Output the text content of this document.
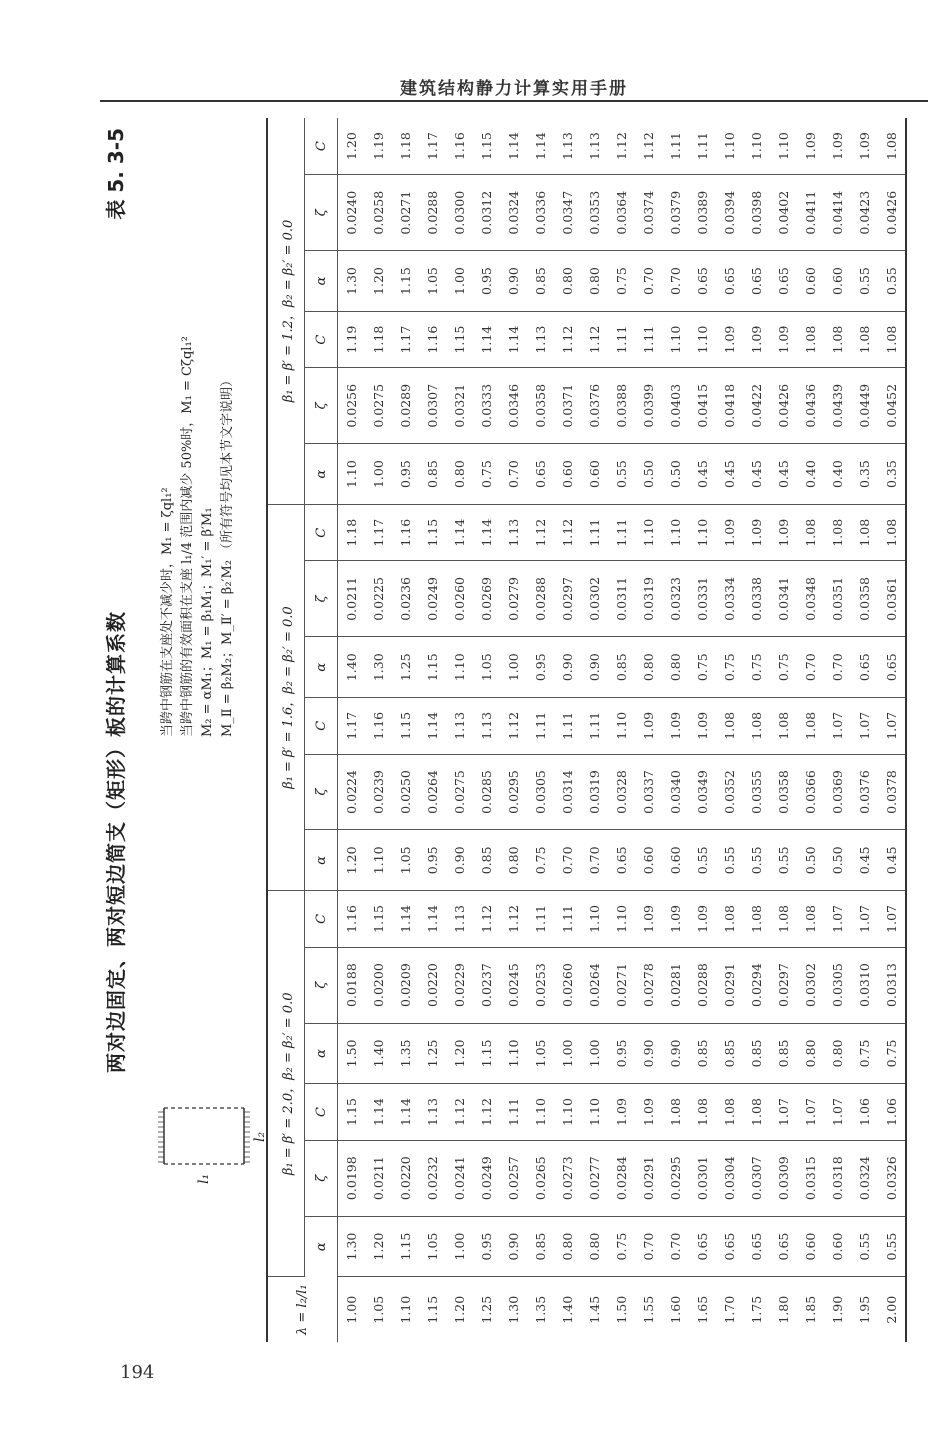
建筑结构静力计算实用手册
194
两对边固定、两对短边简支（矩形）板的计算系数
表 5. 3-5
l₁
l₂
当跨中钢筋在支座处不减少时，M₁ = ζql₁² 当跨中钢筋的有效面积在支座 l₁/4 范围内减少 50%时，M₁ = Cζql₁² M₂ = αM₁；M₁ = β₁M₁；M₁′ = β′M₁ M_Ⅱ = β₂M₂；M_Ⅱ′ = β₂′M₂ （所有符号均见本节文字说明）
λ = l₂/l₁	β₁ = β′ = 2.0，β₂ = β₂′ = 0.0						β₁ = β′ = 1.6，β₂ = β₂′ = 0.0						β₁ = β′ = 1.2，β₂ = β₂′ = 0.0					
	α	ζ	C	α	ζ	C	α	ζ	C	α	ζ	C	α	ζ	C	α	ζ	C
1.00	1.30	0.0198	1.15	1.50	0.0188	1.16	1.20	0.0224	1.17	1.40	0.0211	1.18	1.10	0.0256	1.19	1.30	0.0240	1.20
1.05	1.20	0.0211	1.14	1.40	0.0200	1.15	1.10	0.0239	1.16	1.30	0.0225	1.17	1.00	0.0275	1.18	1.20	0.0258	1.19
1.10	1.15	0.0220	1.14	1.35	0.0209	1.14	1.05	0.0250	1.15	1.25	0.0236	1.16	0.95	0.0289	1.17	1.15	0.0271	1.18
1.15	1.05	0.0232	1.13	1.25	0.0220	1.14	0.95	0.0264	1.14	1.15	0.0249	1.15	0.85	0.0307	1.16	1.05	0.0288	1.17
1.20	1.00	0.0241	1.12	1.20	0.0229	1.13	0.90	0.0275	1.13	1.10	0.0260	1.14	0.80	0.0321	1.15	1.00	0.0300	1.16
1.25	0.95	0.0249	1.12	1.15	0.0237	1.12	0.85	0.0285	1.13	1.05	0.0269	1.14	0.75	0.0333	1.14	0.95	0.0312	1.15
1.30	0.90	0.0257	1.11	1.10	0.0245	1.12	0.80	0.0295	1.12	1.00	0.0279	1.13	0.70	0.0346	1.14	0.90	0.0324	1.14
1.35	0.85	0.0265	1.10	1.05	0.0253	1.11	0.75	0.0305	1.11	0.95	0.0288	1.12	0.65	0.0358	1.13	0.85	0.0336	1.14
1.40	0.80	0.0273	1.10	1.00	0.0260	1.11	0.70	0.0314	1.11	0.90	0.0297	1.12	0.60	0.0371	1.12	0.80	0.0347	1.13
1.45	0.80	0.0277	1.10	1.00	0.0264	1.10	0.70	0.0319	1.11	0.90	0.0302	1.11	0.60	0.0376	1.12	0.80	0.0353	1.13
1.50	0.75	0.0284	1.09	0.95	0.0271	1.10	0.65	0.0328	1.10	0.85	0.0311	1.11	0.55	0.0388	1.11	0.75	0.0364	1.12
1.55	0.70	0.0291	1.09	0.90	0.0278	1.09	0.60	0.0337	1.09	0.80	0.0319	1.10	0.50	0.0399	1.11	0.70	0.0374	1.12
1.60	0.70	0.0295	1.08	0.90	0.0281	1.09	0.60	0.0340	1.09	0.80	0.0323	1.10	0.50	0.0403	1.10	0.70	0.0379	1.11
1.65	0.65	0.0301	1.08	0.85	0.0288	1.09	0.55	0.0349	1.09	0.75	0.0331	1.10	0.45	0.0415	1.10	0.65	0.0389	1.11
1.70	0.65	0.0304	1.08	0.85	0.0291	1.08	0.55	0.0352	1.08	0.75	0.0334	1.09	0.45	0.0418	1.09	0.65	0.0394	1.10
1.75	0.65	0.0307	1.08	0.85	0.0294	1.08	0.55	0.0355	1.08	0.75	0.0338	1.09	0.45	0.0422	1.09	0.65	0.0398	1.10
1.80	0.65	0.0309	1.07	0.85	0.0297	1.08	0.55	0.0358	1.08	0.75	0.0341	1.09	0.45	0.0426	1.09	0.65	0.0402	1.10
1.85	0.60	0.0315	1.07	0.80	0.0302	1.08	0.50	0.0366	1.08	0.70	0.0348	1.08	0.40	0.0436	1.08	0.60	0.0411	1.09
1.90	0.60	0.0318	1.07	0.80	0.0305	1.07	0.50	0.0369	1.07	0.70	0.0351	1.08	0.40	0.0439	1.08	0.60	0.0414	1.09
1.95	0.55	0.0324	1.06	0.75	0.0310	1.07	0.45	0.0376	1.07	0.65	0.0358	1.08	0.35	0.0449	1.08	0.55	0.0423	1.09
2.00	0.55	0.0326	1.06	0.75	0.0313	1.07	0.45	0.0378	1.07	0.65	0.0361	1.08	0.35	0.0452	1.08	0.55	0.0426	1.08
